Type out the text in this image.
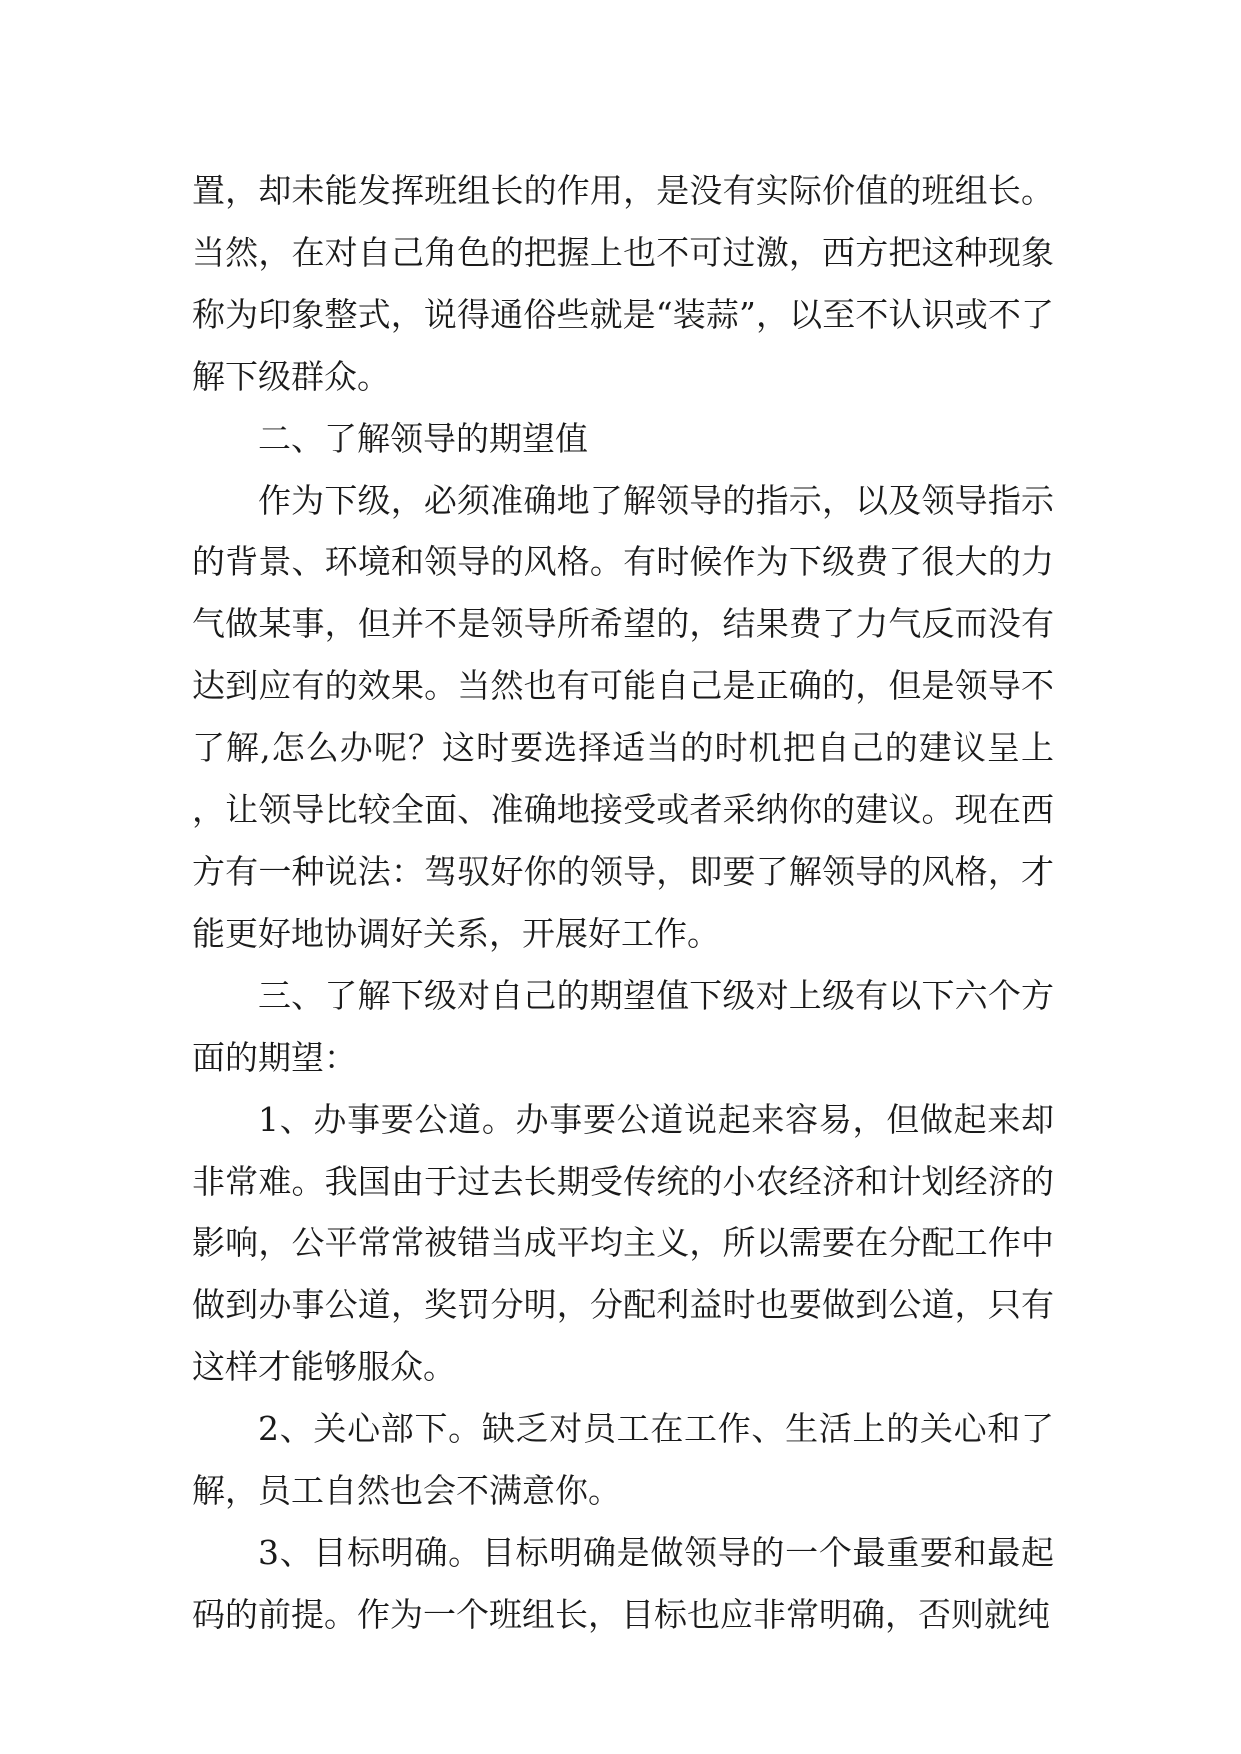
置，却未能发挥班组长的作用，是没有实际价值的班组长。当然，在对自己角色的把握上也不可过激，西方把这种现象称为印象整式，说得通俗些就是“装蒜”，以至不认识或不了解下级群众。

二、了解领导的期望值

作为下级，必须准确地了解领导的指示，以及领导指示的背景、环境和领导的风格。有时候作为下级费了很大的力气做某事，但并不是领导所希望的，结果费了力气反而没有达到应有的效果。当然也有可能自己是正确的，但是领导不了解,怎么办呢？这时要选择适当的时机把自己的建议呈上，让领导比较全面、准确地接受或者采纳你的建议。现在西方有一种说法：驾驭好你的领导，即要了解领导的风格，才能更好地协调好关系，开展好工作。

三、了解下级对自己的期望值下级对上级有以下六个方面的期望：

1、办事要公道。办事要公道说起来容易，但做起来却非常难。我国由于过去长期受传统的小农经济和计划经济的影响，公平常常被错当成平均主义，所以需要在分配工作中做到办事公道，奖罚分明，分配利益时也要做到公道，只有这样才能够服众。

2、关心部下。缺乏对员工在工作、生活上的关心和了解，员工自然也会不满意你。

3、目标明确。目标明确是做领导的一个最重要和最起码的前提。作为一个班组长，目标也应非常明确，否则就纯
